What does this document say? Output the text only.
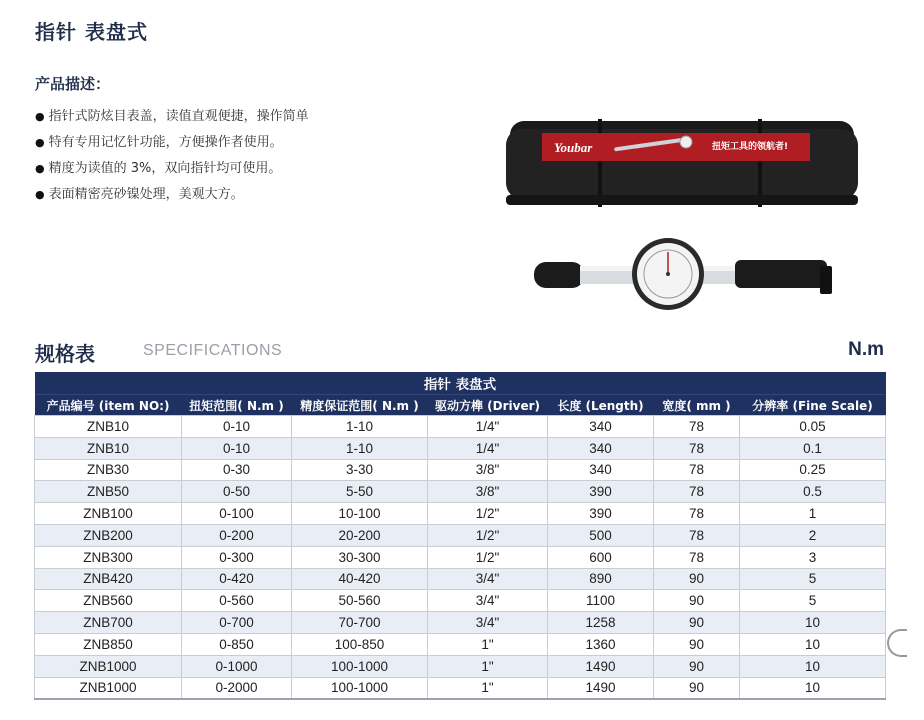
指针 表盘式
产品描述：
● 指针式防炫目表盖，读值直观便捷，操作简单
● 特有专用记忆针功能，方便操作者使用。
● 精度为读值的 3%，双向指针均可使用。
● 表面精密亮砂镍处理，美观大方。
Youbar	扭矩工具的领航者!
规格表	SPECIFICATIONS	N.m
指针 表盘式						
产品编号 (item NO:)	扭矩范围( N.m )	精度保证范围( N.m )	驱动方榫 (Driver)	长度 (Length)	宽度( mm )	分辨率 (Fine Scale)
ZNB10	0-10	1-10	1/4"	340	78	0.05
ZNB10	0-10	1-10	1/4"	340	78	0.1
ZNB30	0-30	3-30	3/8"	340	78	0.25
ZNB50	0-50	5-50	3/8"	390	78	0.5
ZNB100	0-100	10-100	1/2"	390	78	1
ZNB200	0-200	20-200	1/2"	500	78	2
ZNB300	0-300	30-300	1/2"	600	78	3
ZNB420	0-420	40-420	3/4"	890	90	5
ZNB560	0-560	50-560	3/4"	1100	90	5
ZNB700	0-700	70-700	3/4"	1258	90	10
ZNB850	0-850	100-850	1"	1360	90	10
ZNB1000	0-1000	100-1000	1"	1490	90	10
ZNB1000	0-2000	100-1000	1"	1490	90	10
